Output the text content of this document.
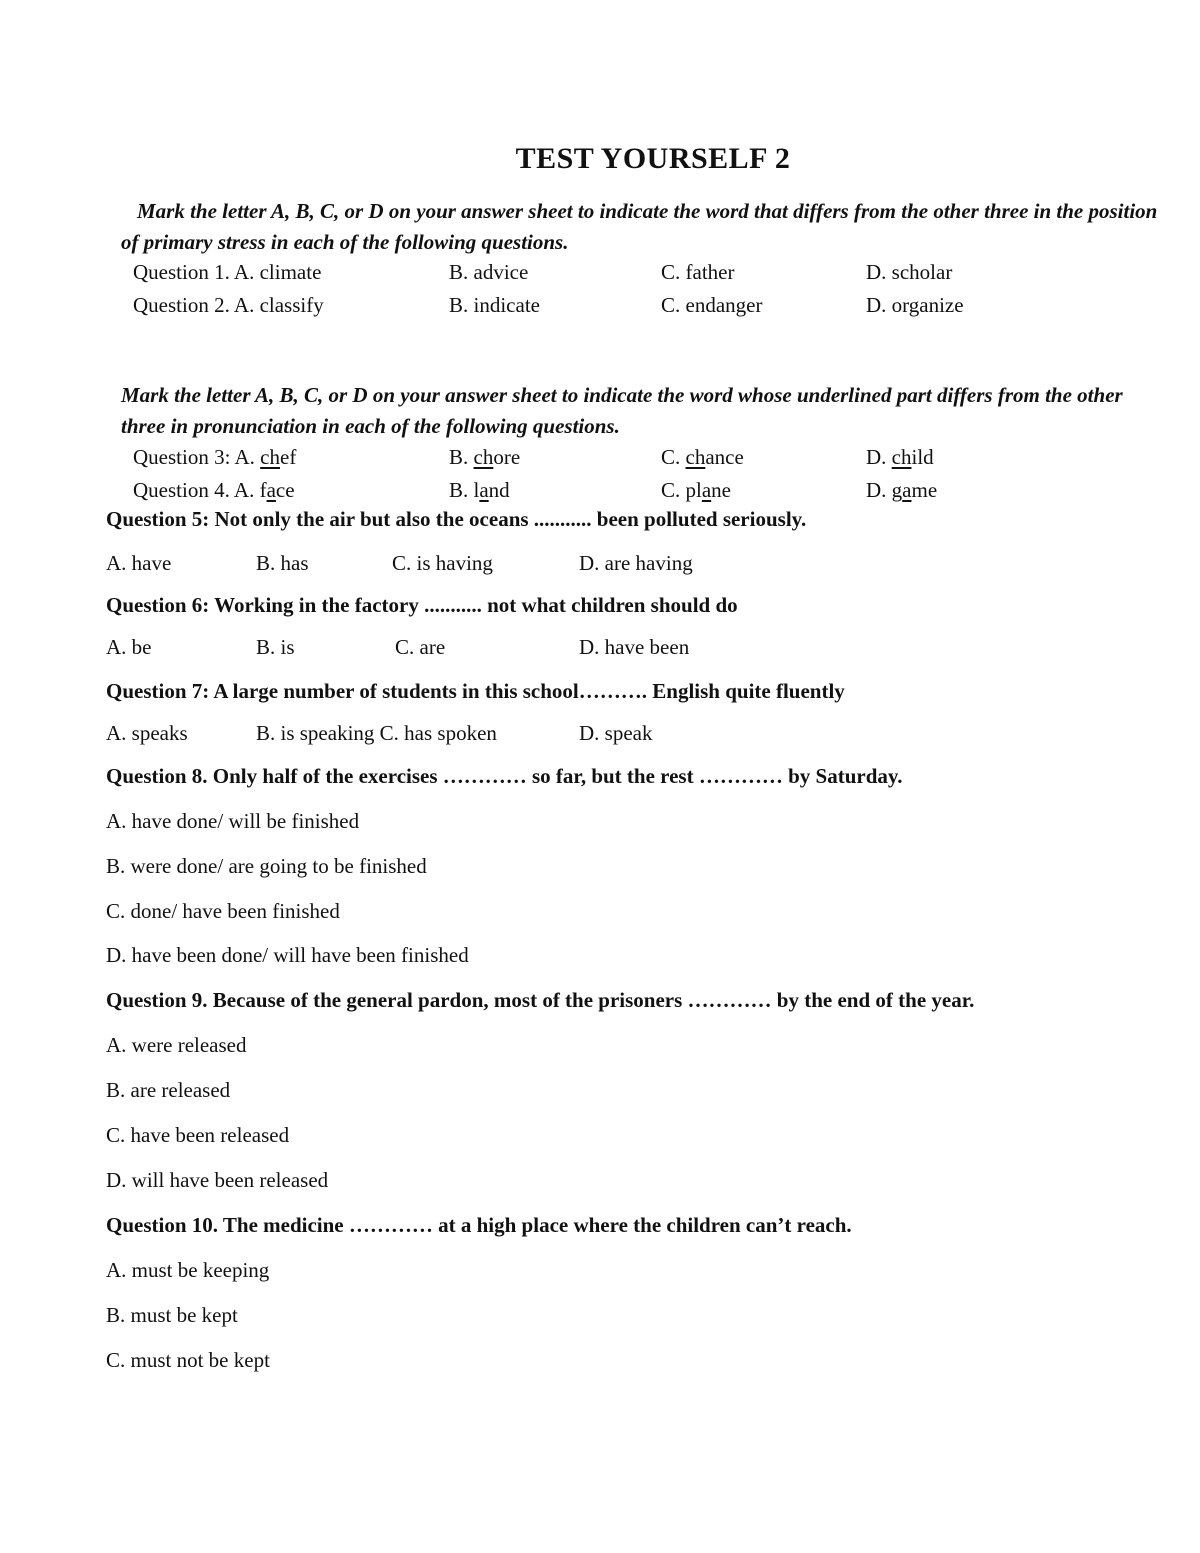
TEST YOURSELF 2
Mark the letter A, B, C, or D on your answer sheet to indicate the word that differs from the other three in the position of primary stress in each of the following questions.
Question 1. A. climate	B. advice	C. father	D. scholar
Question 2. A. classify	B. indicate	C. endanger	D. organize
Mark the letter A, B, C, or D on your answer sheet to indicate the word whose underlined part differs from the other three in pronunciation in each of the following questions.
Question 3: A. chef	B. chore	C. chance	D. child
Question 4. A. face	B. land	C. plane	D. game
Question 5: Not only the air but also the oceans ........... been polluted seriously.
A. have	B. has	C. is having	D. are having
Question 6: Working in the factory ........... not what children should do
A. be	B. is	C. are	D. have been
Question 7: A large number of students in this school………. English quite fluently
A. speaks	B. is speaking C. has spoken	D. speak
Question 8. Only half of the exercises ………… so far, but the rest ………… by Saturday.
A. have done/ will be finished
B. were done/ are going to be finished
C. done/ have been finished
D. have been done/ will have been finished
Question 9. Because of the general pardon, most of the prisoners ………… by the end of the year.
A. were released
B. are released
C. have been released
D. will have been released
Question 10. The medicine ………… at a high place where the children can’t reach.
A. must be keeping
B. must be kept
C. must not be kept
